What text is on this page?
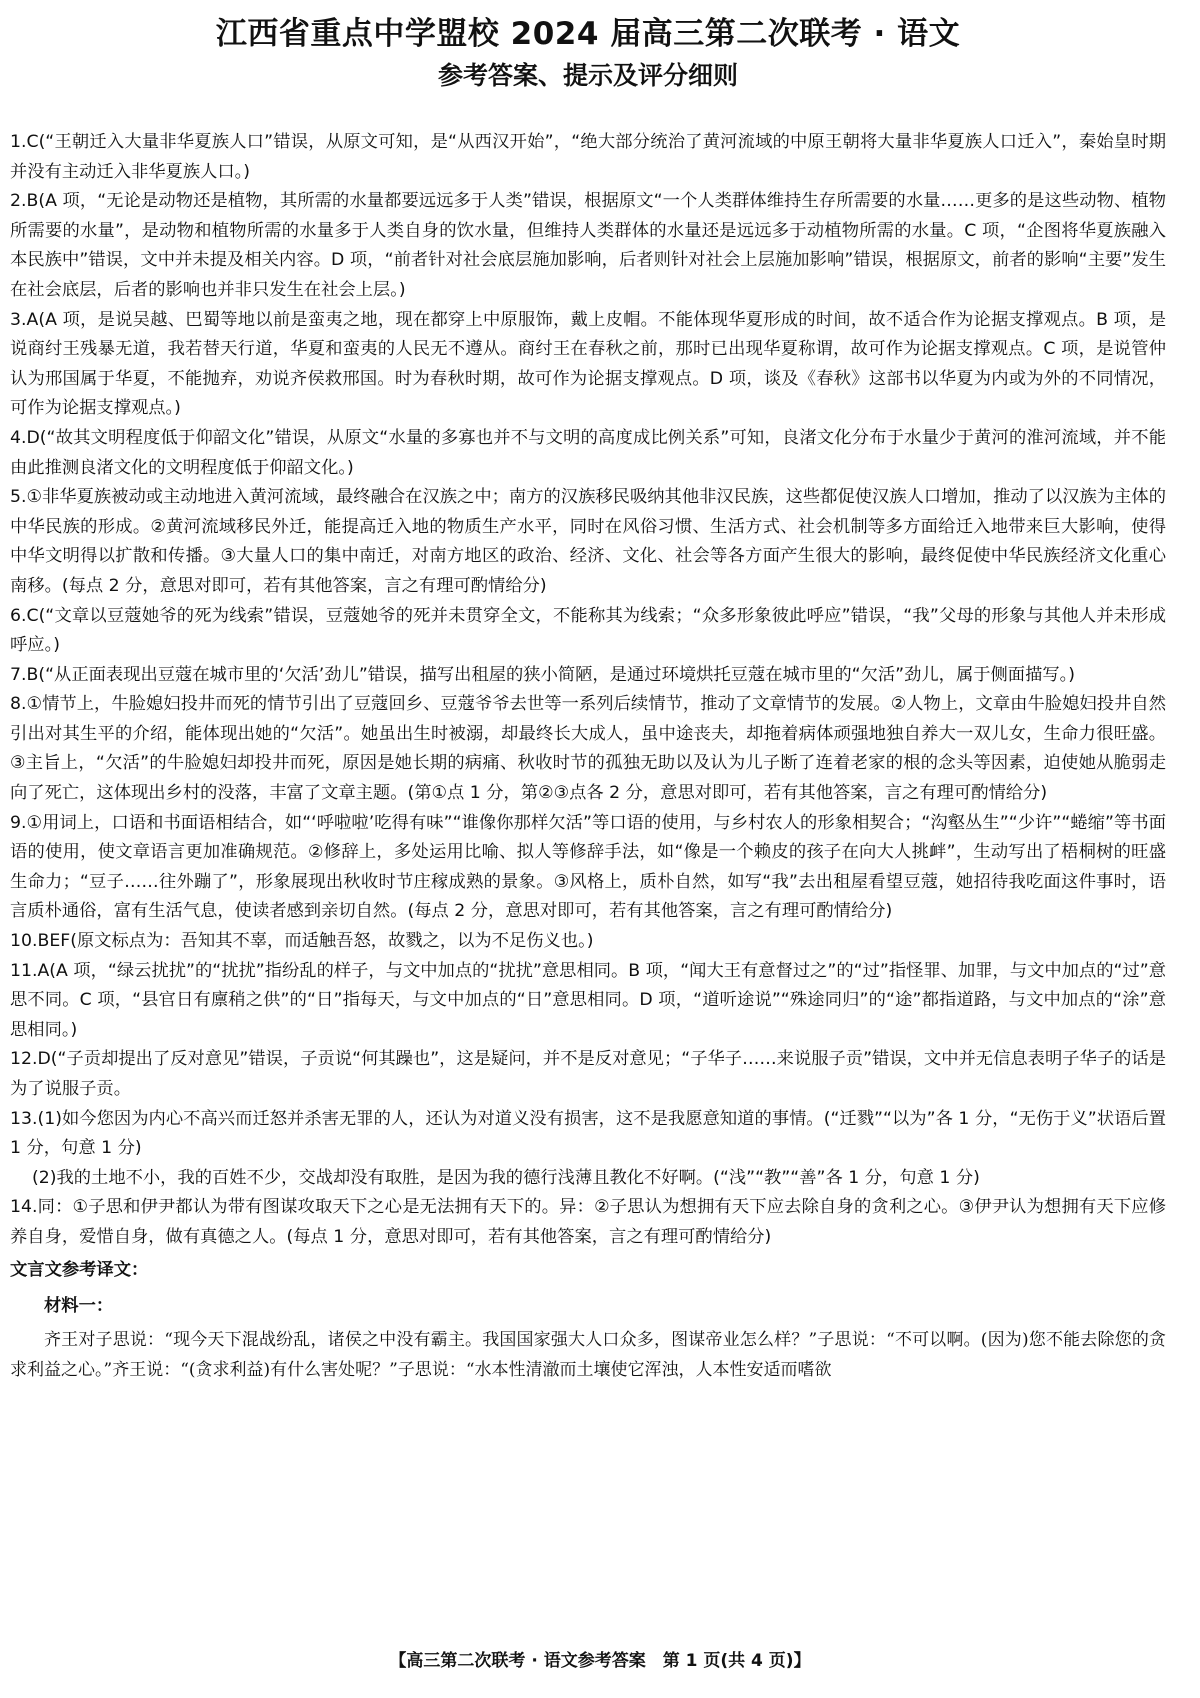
江西省重点中学盟校 2024 届高三第二次联考 · 语文
参考答案、提示及评分细则

1.C(“王朝迁入大量非华夏族人口”错误，从原文可知，是“从西汉开始”，“绝大部分统治了黄河流域的中原王朝将大量非华夏族人口迁入”，秦始皇时期并没有主动迁入非华夏族人口。)

2.B(A 项，“无论是动物还是植物，其所需的水量都要远远多于人类”错误，根据原文“一个人类群体维持生存所需要的水量……更多的是这些动物、植物所需要的水量”，是动物和植物所需的水量多于人类自身的饮水量，但维持人类群体的水量还是远远多于动植物所需的水量。C 项，“企图将华夏族融入本民族中”错误，文中并未提及相关内容。D 项，“前者针对社会底层施加影响，后者则针对社会上层施加影响”错误，根据原文，前者的影响“主要”发生在社会底层，后者的影响也并非只发生在社会上层。)

3.A(A 项，是说吴越、巴蜀等地以前是蛮夷之地，现在都穿上中原服饰，戴上皮帽。不能体现华夏形成的时间，故不适合作为论据支撑观点。B 项，是说商纣王残暴无道，我若替天行道，华夏和蛮夷的人民无不遵从。商纣王在春秋之前，那时已出现华夏称谓，故可作为论据支撑观点。C 项，是说管仲认为邢国属于华夏，不能抛弃，劝说齐侯救邢国。时为春秋时期，故可作为论据支撑观点。D 项，谈及《春秋》这部书以华夏为内或为外的不同情况，可作为论据支撑观点。)

4.D(“故其文明程度低于仰韶文化”错误，从原文“水量的多寡也并不与文明的高度成比例关系”可知，良渚文化分布于水量少于黄河的淮河流域，并不能由此推测良渚文化的文明程度低于仰韶文化。)

5.①非华夏族被动或主动地进入黄河流域，最终融合在汉族之中；南方的汉族移民吸纳其他非汉民族，这些都促使汉族人口增加，推动了以汉族为主体的中华民族的形成。②黄河流域移民外迁，能提高迁入地的物质生产水平，同时在风俗习惯、生活方式、社会机制等多方面给迁入地带来巨大影响，使得中华文明得以扩散和传播。③大量人口的集中南迁，对南方地区的政治、经济、文化、社会等各方面产生很大的影响，最终促使中华民族经济文化重心南移。(每点 2 分，意思对即可，若有其他答案，言之有理可酌情给分)

6.C(“文章以豆蔻她爷的死为线索”错误，豆蔻她爷的死并未贯穿全文，不能称其为线索；“众多形象彼此呼应”错误，“我”父母的形象与其他人并未形成呼应。)

7.B(“从正面表现出豆蔻在城市里的‘欠活’劲儿”错误，描写出租屋的狭小简陋，是通过环境烘托豆蔻在城市里的“欠活”劲儿，属于侧面描写。)

8.①情节上，牛脸媳妇投井而死的情节引出了豆蔻回乡、豆蔻爷爷去世等一系列后续情节，推动了文章情节的发展。②人物上，文章由牛脸媳妇投井自然引出对其生平的介绍，能体现出她的“欠活”。她虽出生时被溺，却最终长大成人，虽中途丧夫，却拖着病体顽强地独自养大一双儿女，生命力很旺盛。③主旨上，“欠活”的牛脸媳妇却投井而死，原因是她长期的病痛、秋收时节的孤独无助以及认为儿子断了连着老家的根的念头等因素，迫使她从脆弱走向了死亡，这体现出乡村的没落，丰富了文章主题。(第①点 1 分，第②③点各 2 分，意思对即可，若有其他答案，言之有理可酌情给分)

9.①用词上，口语和书面语相结合，如“‘呼啦啦’吃得有味”“谁像你那样欠活”等口语的使用，与乡村农人的形象相契合；“沟壑丛生”“少许”“蜷缩”等书面语的使用，使文章语言更加准确规范。②修辞上，多处运用比喻、拟人等修辞手法，如“像是一个赖皮的孩子在向大人挑衅”，生动写出了梧桐树的旺盛生命力；“豆子……往外蹦了”，形象展现出秋收时节庄稼成熟的景象。③风格上，质朴自然，如写“我”去出租屋看望豆蔻，她招待我吃面这件事时，语言质朴通俗，富有生活气息，使读者感到亲切自然。(每点 2 分，意思对即可，若有其他答案，言之有理可酌情给分)

10.BEF(原文标点为：吾知其不辜，而适触吾怒，故戮之，以为不足伤义也。)

11.A(A 项，“绿云扰扰”的“扰扰”指纷乱的样子，与文中加点的“扰扰”意思相同。B 项，“闻大王有意督过之”的“过”指怪罪、加罪，与文中加点的“过”意思不同。C 项，“县官日有廪稍之供”的“日”指每天，与文中加点的“日”意思相同。D 项，“道听途说”“殊途同归”的“途”都指道路，与文中加点的“涂”意思相同。)

12.D(“子贡却提出了反对意见”错误，子贡说“何其躁也”，这是疑问，并不是反对意见；“子华子……来说服子贡”错误，文中并无信息表明子华子的话是为了说服子贡。

13.(1)如今您因为内心不高兴而迁怒并杀害无罪的人，还认为对道义没有损害，这不是我愿意知道的事情。(“迁戮”“以为”各 1 分，“无伤于义”状语后置 1 分，句意 1 分)

(2)我的土地不小，我的百姓不少，交战却没有取胜，是因为我的德行浅薄且教化不好啊。(“浅”“教”“善”各 1 分，句意 1 分)

14.同：①子思和伊尹都认为带有图谋攻取天下之心是无法拥有天下的。异：②子思认为想拥有天下应去除自身的贪利之心。③伊尹认为想拥有天下应修养自身，爱惜自身，做有真德之人。(每点 1 分，意思对即可，若有其他答案，言之有理可酌情给分)

文言文参考译文：

材料一：

齐王对子思说：“现今天下混战纷乱，诸侯之中没有霸主。我国国家强大人口众多，图谋帝业怎么样？”子思说：“不可以啊。(因为)您不能去除您的贪求利益之心。”齐王说：“(贪求利益)有什么害处呢？”子思说：“水本性清澈而土壤使它浑浊，人本性安适而嗜欲

【高三第二次联考 · 语文参考答案　第 1 页(共 4 页)】
